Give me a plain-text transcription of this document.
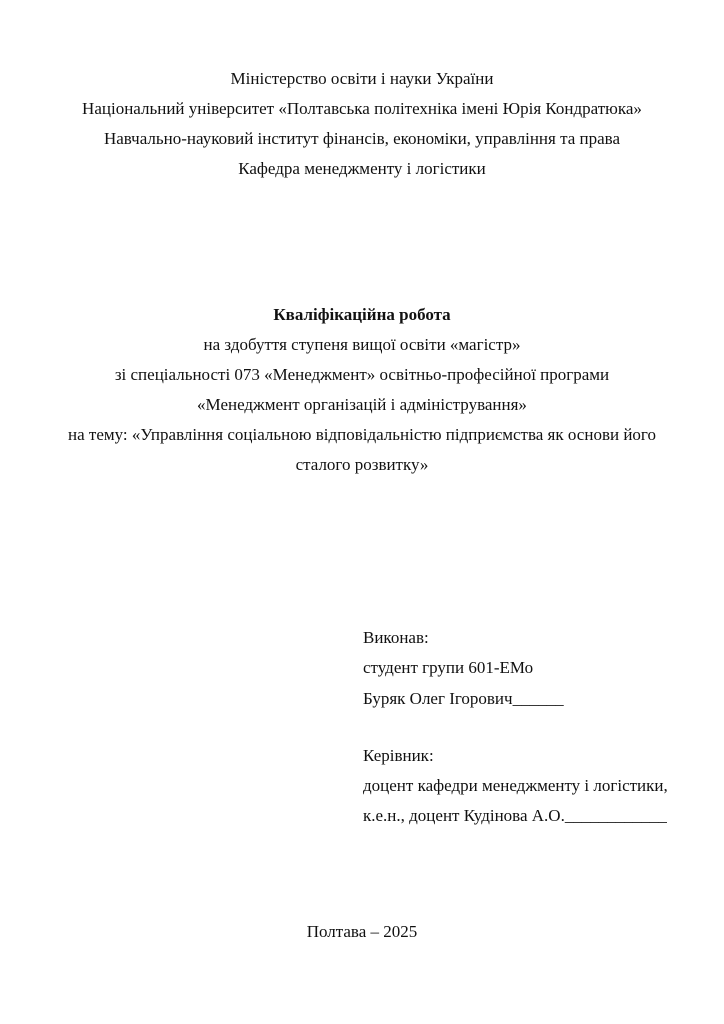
Міністерство освіти і науки України
Національний університет «Полтавська політехніка імені Юрія Кондратюка»
Навчально-науковий інститут фінансів, економіки, управління та права
Кафедра менеджменту і логістики
Кваліфікаційна робота
на здобуття ступеня вищої освіти «магістр»
зі спеціальності 073 «Менеджмент» освітньо-професійної програми
«Менеджмент організацій і адміністрування»
на тему: «Управління соціальною відповідальністю підприємства як основи його
сталого розвитку»
Виконав:
студент групи 601-ЕМо
Буряк Олег Ігорович______
Керівник:
доцент кафедри менеджменту і логістики,
к.е.н., доцент Кудінова А.О.____________
Полтава – 2025
